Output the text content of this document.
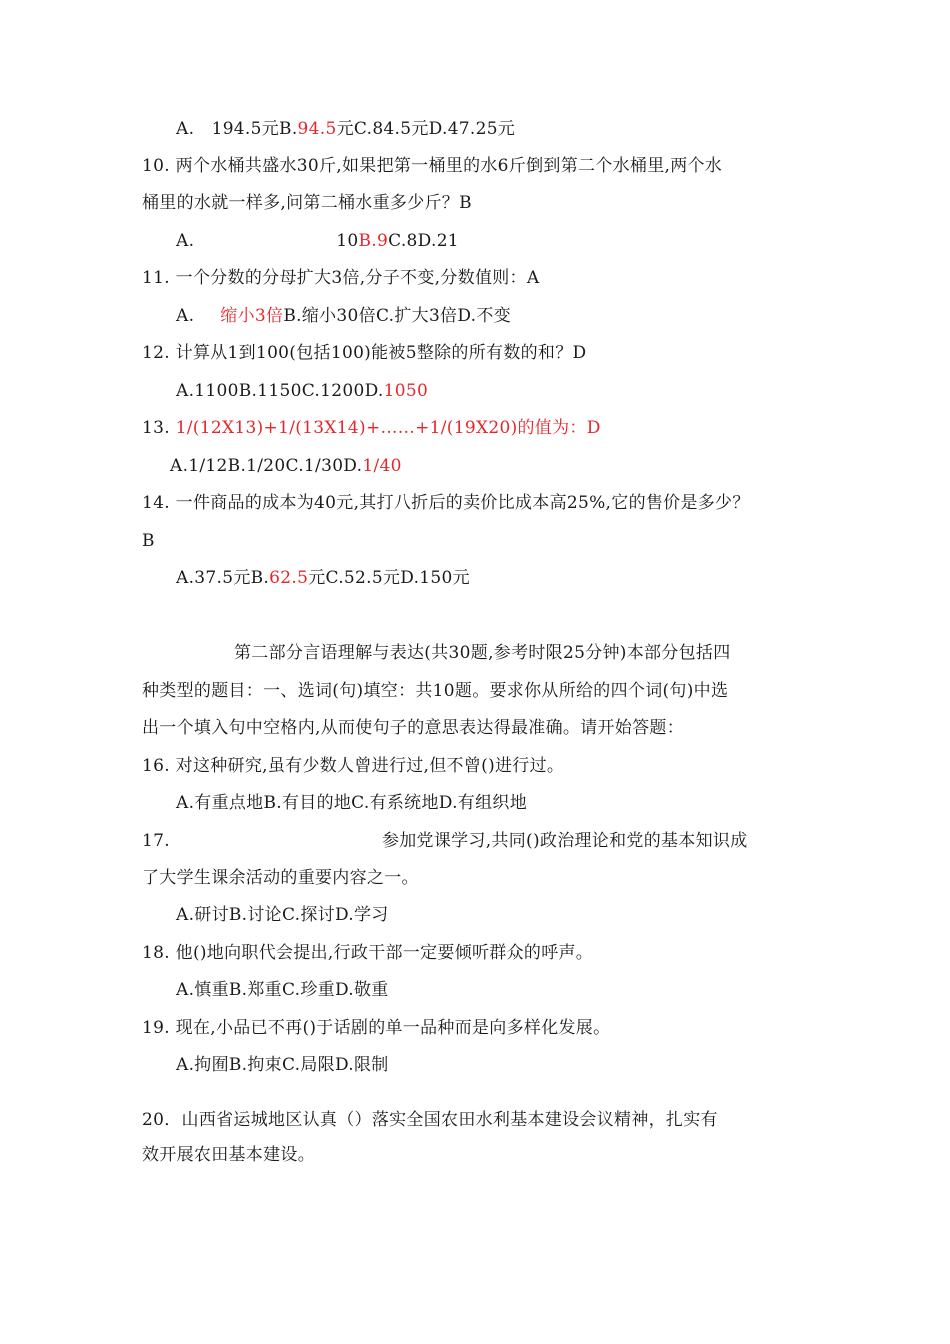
A.　194.5元B.94.5元C.84.5元D.47.25元
10. 两个水桶共盛水30斤,如果把第一桶里的水6斤倒到第二个水桶里,两个水
桶里的水就一样多,问第二桶水重多少斤？B
A.	10B.9C.8D.21
11. 一个分数的分母扩大3倍,分子不变,分数值则：A
A. 缩小3倍B.缩小30倍C.扩大3倍D.不变
12. 计算从1到100(包括100)能被5整除的所有数的和？D
A.1100B.1150C.1200D.1050
13. 1/(12X13)+1/(13X14)+……+1/(19X20)的值为：D
A.1/12B.1/20C.1/30D.1/40
14. 一件商品的成本为40元,其打八折后的卖价比成本高25%,它的售价是多少？
B
A.37.5元B.62.5元C.52.5元D.150元
第二部分言语理解与表达(共30题,参考时限25分钟)本部分包括四
种类型的题目：一、选词(句)填空：共10题。要求你从所给的四个词(句)中选
出一个填入句中空格内,从而使句子的意思表达得最准确。请开始答题：
16. 对这种研究,虽有少数人曾进行过,但不曾()进行过。
A.有重点地B.有目的地C.有系统地D.有组织地
17.	参加党课学习,共同()政治理论和党的基本知识成
了大学生课余活动的重要内容之一。
A.研讨B.讨论C.探讨D.学习
18. 他()地向职代会提出,行政干部一定要倾听群众的呼声。
A.慎重B.郑重C.珍重D.敬重
19. 现在,小品已不再()于话剧的单一品种而是向多样化发展。
A.拘囿B.拘束C.局限D.限制
20．山西省运城地区认真（）落实全国农田水利基本建设会议精神，扎实有
效开展农田基本建设。
